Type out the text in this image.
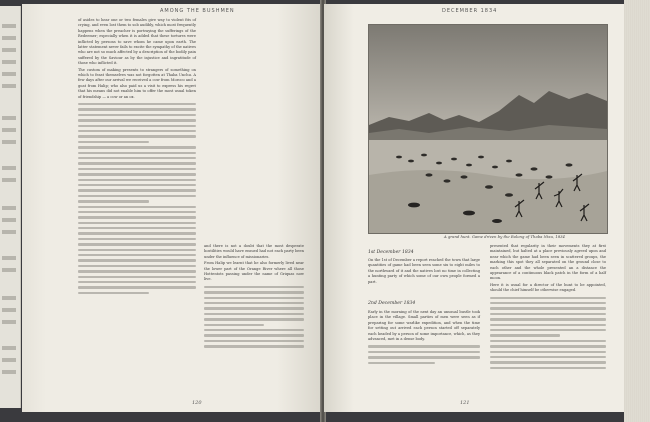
AMONG THE BUSHMEN

of asides to hear one or two females give way to violent fits of crying, and even lost them to sob audibly, which most frequently happens when the preacher is portraying the sufferings of the Redeemer; especially when it is added that these tortures were inflicted by persons to save whom he came upon earth. The latter statement never fails to excite the sympathy of the natives who are not so much affected by a description of the bodily pain suffered by the Saviour as by the injustice and ingratitude of those who inflicted it.

The custom of making presents to strangers of something on which to feast themselves was not forgotten at Thaba Unchu. A few days after our arrival we received a cow from Moroco and a goat from Halip; who also paid us a visit to express his regret that his means did not enable him to offer the most usual token of friendship — a cow or an ox.

and there is not a doubt that the most desperate hostilities would have ensued had not each party been under the influence of missionaries.

From Halip we learnt that he also formerly lived near the lower part of the Orange River where all those Hottentots passing under the name of Griquas now live.

120
DECEMBER 1834
A grand hunt. Game driven by the Rolong of Thaba Ntsu, 1834
1st December 1834

On the 1st of December a report reached the town that large quantities of game had been seen some six to eight miles to the northward of it and the natives lost no time in collecting a hunting party of which some of our own people formed a part.

2nd December 1834

Early in the morning of the next day an unusual bustle took place in the village. Small parties of men were seen as if preparing for some warlike expedition, and when the time for setting out arrived each person started off separately each headed by a person of some importance, which, as they advanced, met in a dense body.

presented that regularity in their movements they at first maintained, but halted at a place previously agreed upon and near which the game had been seen in scattered groups, the marking this spot they all separated on the ground close to each other and the whole presented an a distance the appearance of a continuous black patch in the form of a half moon.

Here it is usual for a director of the hunt to be appointed, should the chief himself be otherwise engaged.

121
